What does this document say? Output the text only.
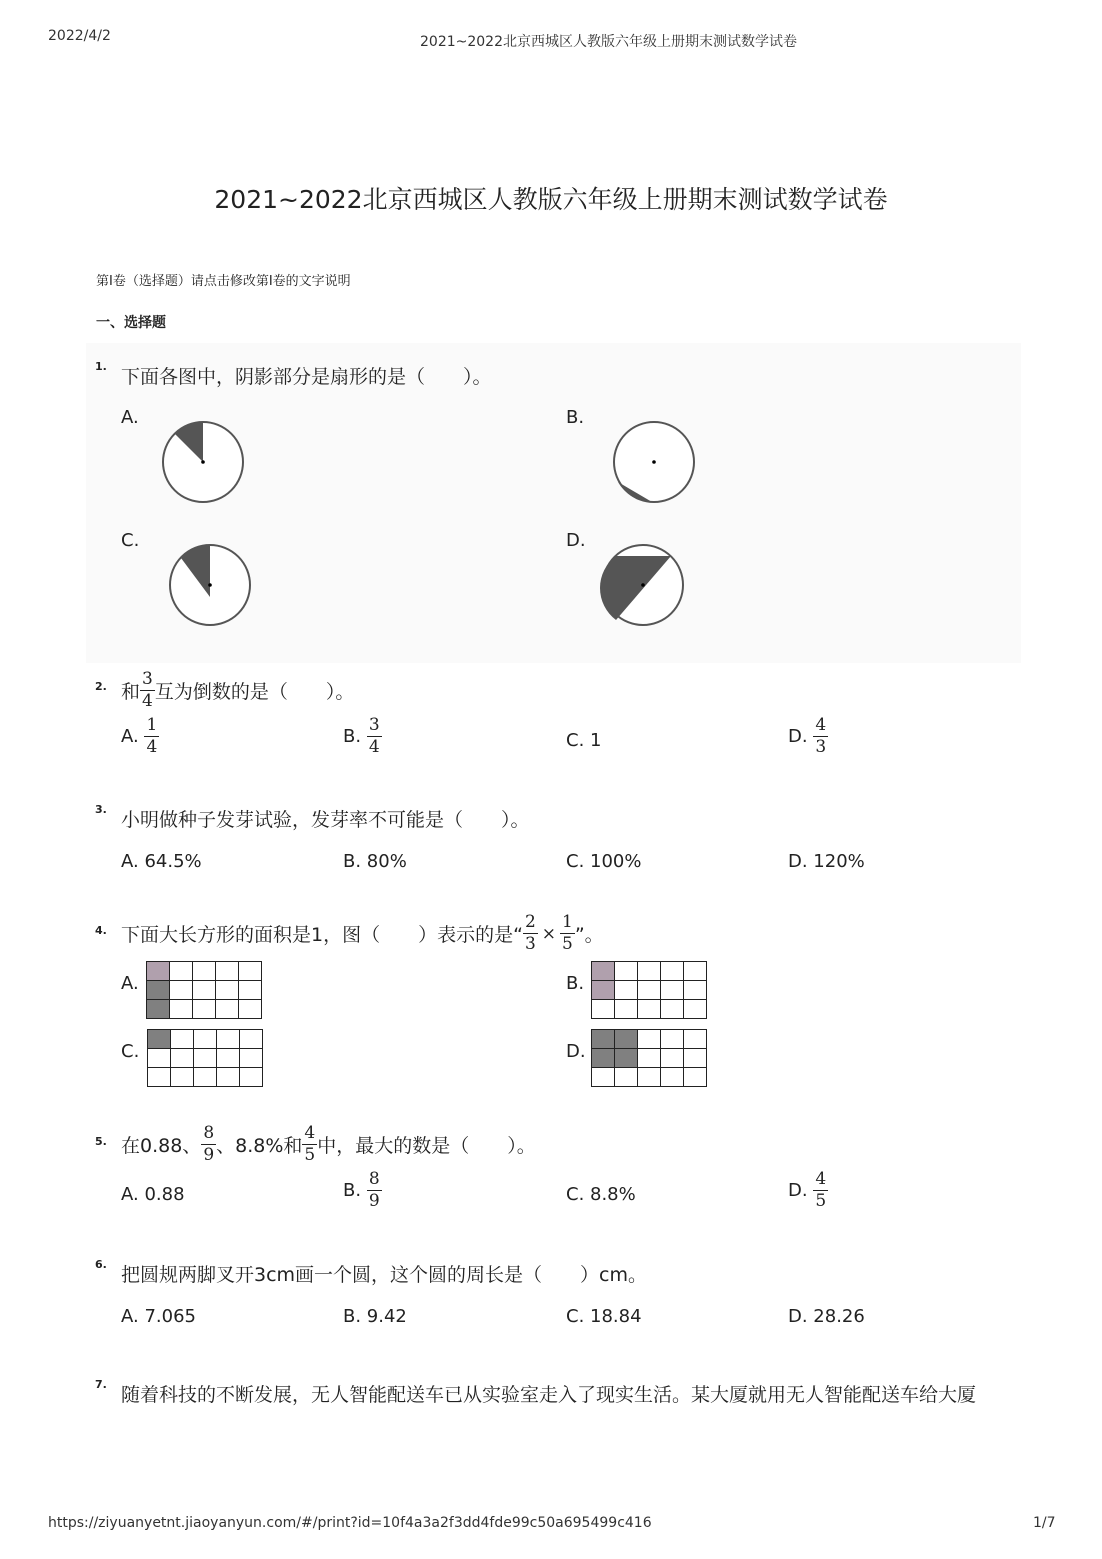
2022/4/2	2021~2022北京西城区人教版六年级上册期末测试数学试卷
2021~2022北京西城区人教版六年级上册期末测试数学试卷
第Ⅰ卷（选择题）请点击修改第Ⅰ卷的文字说明
一、选择题
1. 下面各图中，阴影部分是扇形的是（　　）。
A.	B.
C.	D.
2. 和 $\frac{3}{4}$ 互为倒数的是（　　）。
A. $\frac{1}{4}$	B. $\frac{3}{4}$	C. 1	D. $\frac{4}{3}$
3. 小明做种子发芽试验，发芽率不可能是（　　）。
A. 64.5%	B. 80%	C. 100%	D. 120%
4. 下面大长方形的面积是1，图（　　）表示的是“ $\frac{2}{3} \times \frac{1}{5}$ ”。
A.

					B.

C.

					D.

5. 在0.88、 $\frac{8}{9}$ 、8.8%和 $\frac{4}{5}$ 中，最大的数是（　　）。
A. 0.88	B. $\frac{8}{9}$	C. 8.8%	D. $\frac{4}{5}$
6. 把圆规两脚叉开3cm画一个圆，这个圆的周长是（　　）cm。
A. 7.065	B. 9.42	C. 18.84	D. 28.26
7. 随着科技的不断发展，无人智能配送车已从实验室走入了现实生活。某大厦就用无人智能配送车给大厦
https://ziyuanyetnt.jiaoyanyun.com/#/print?id=10f4a3a2f3dd4fde99c50a695499c416	1/7
